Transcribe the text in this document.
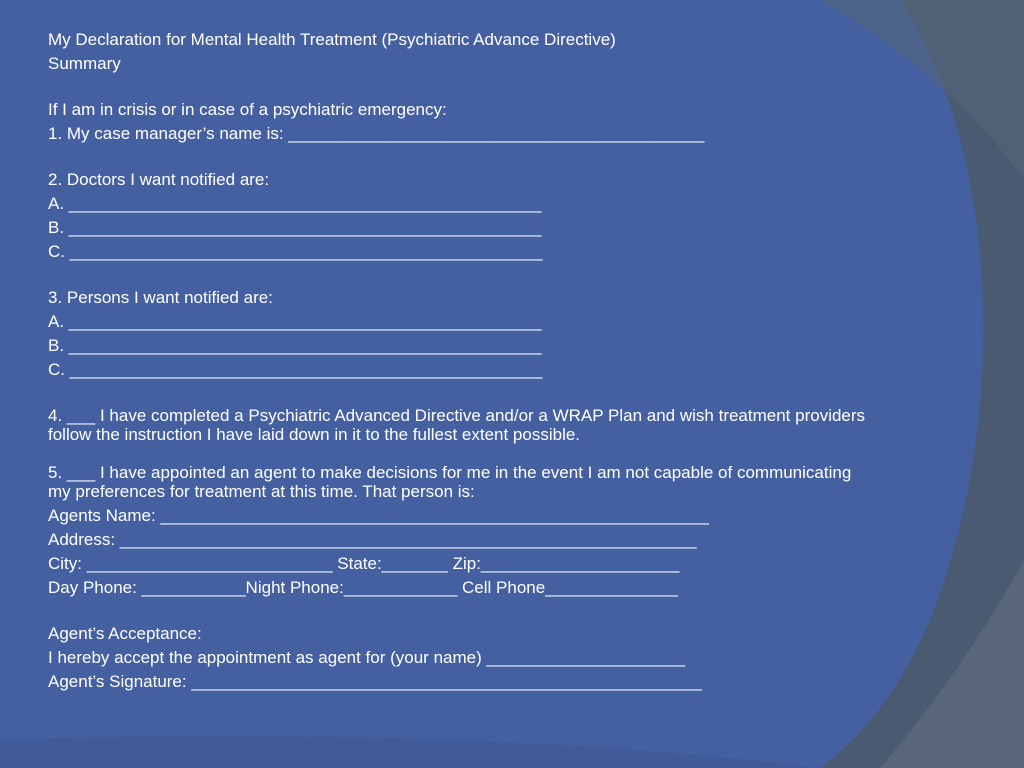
My Declaration for Mental Health Treatment (Psychiatric Advance Directive)
Summary
If I am in crisis or in case of a psychiatric emergency:
1. My case manager’s name is: ____________________________________________
2. Doctors I want notified are:
A. __________________________________________________
B. __________________________________________________
C. __________________________________________________
3. Persons I want notified are:
A. __________________________________________________
B. __________________________________________________
C. __________________________________________________
4. ___ I have completed a Psychiatric Advanced Directive and/or a WRAP Plan and wish treatment providers follow the instruction I have laid down in it to the fullest extent possible.
5. ___ I have appointed an agent to make decisions for me in the event I am not capable of communicating my preferences for treatment at this time. That person is:
Agents Name: __________________________________________________________
Address: _____________________________________________________________
City: __________________________ State:_______ Zip:_____________________
Day Phone: ___________Night Phone:____________ Cell Phone______________
Agent’s Acceptance:
I hereby accept the appointment as agent for (your name) _____________________
Agent’s Signature: ______________________________________________________
